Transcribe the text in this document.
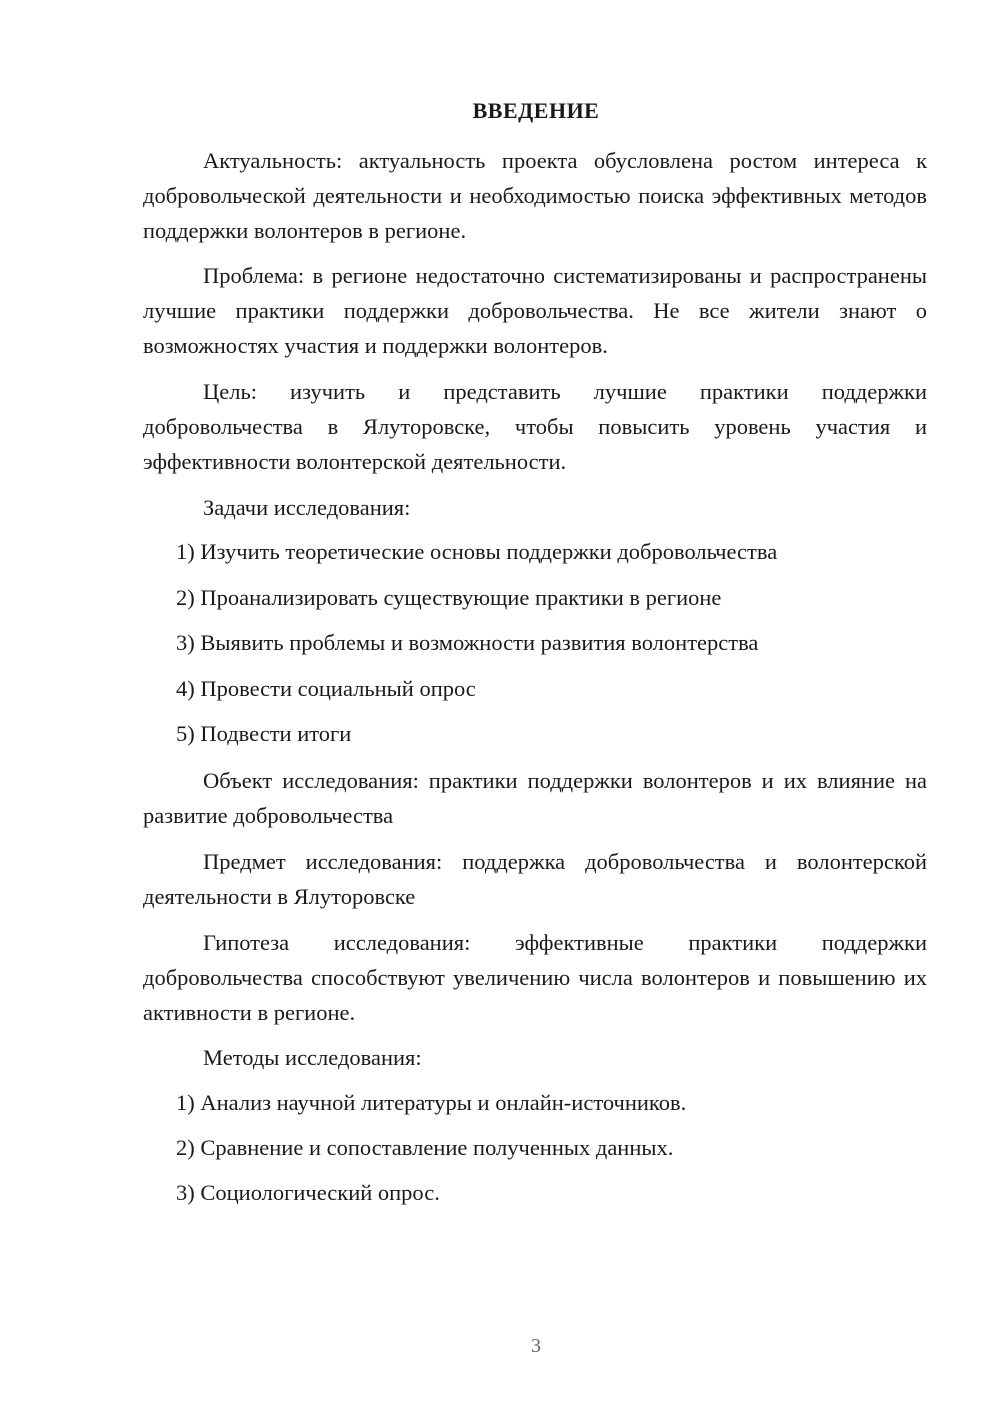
ВВЕДЕНИЕ

Актуальность: актуальность проекта обусловлена ростом интереса к добровольческой деятельности и необходимостью поиска эффективных методов поддержки волонтеров в регионе.

Проблема: в регионе недостаточно систематизированы и распространены лучшие практики поддержки добровольчества. Не все жители знают о возможностях участия и поддержки волонтеров.

Цель: изучить и представить лучшие практики поддержки добровольчества в Ялуторовске, чтобы повысить уровень участия и эффективности волонтерской деятельности.

Задачи исследования:

1) Изучить теоретические основы поддержки добровольчества

2) Проанализировать существующие практики в регионе

3) Выявить проблемы и возможности развития волонтерства

4) Провести социальный опрос

5) Подвести итоги

Объект исследования: практики поддержки волонтеров и их влияние на развитие добровольчества

Предмет исследования: поддержка добровольчества и волонтерской деятельности в Ялуторовске

Гипотеза исследования: эффективные практики поддержки добровольчества способствуют увеличению числа волонтеров и повышению их активности в регионе.

Методы исследования:

1) Анализ научной литературы и онлайн-источников.

2) Сравнение и сопоставление полученных данных.

3) Социологический опрос.

3
